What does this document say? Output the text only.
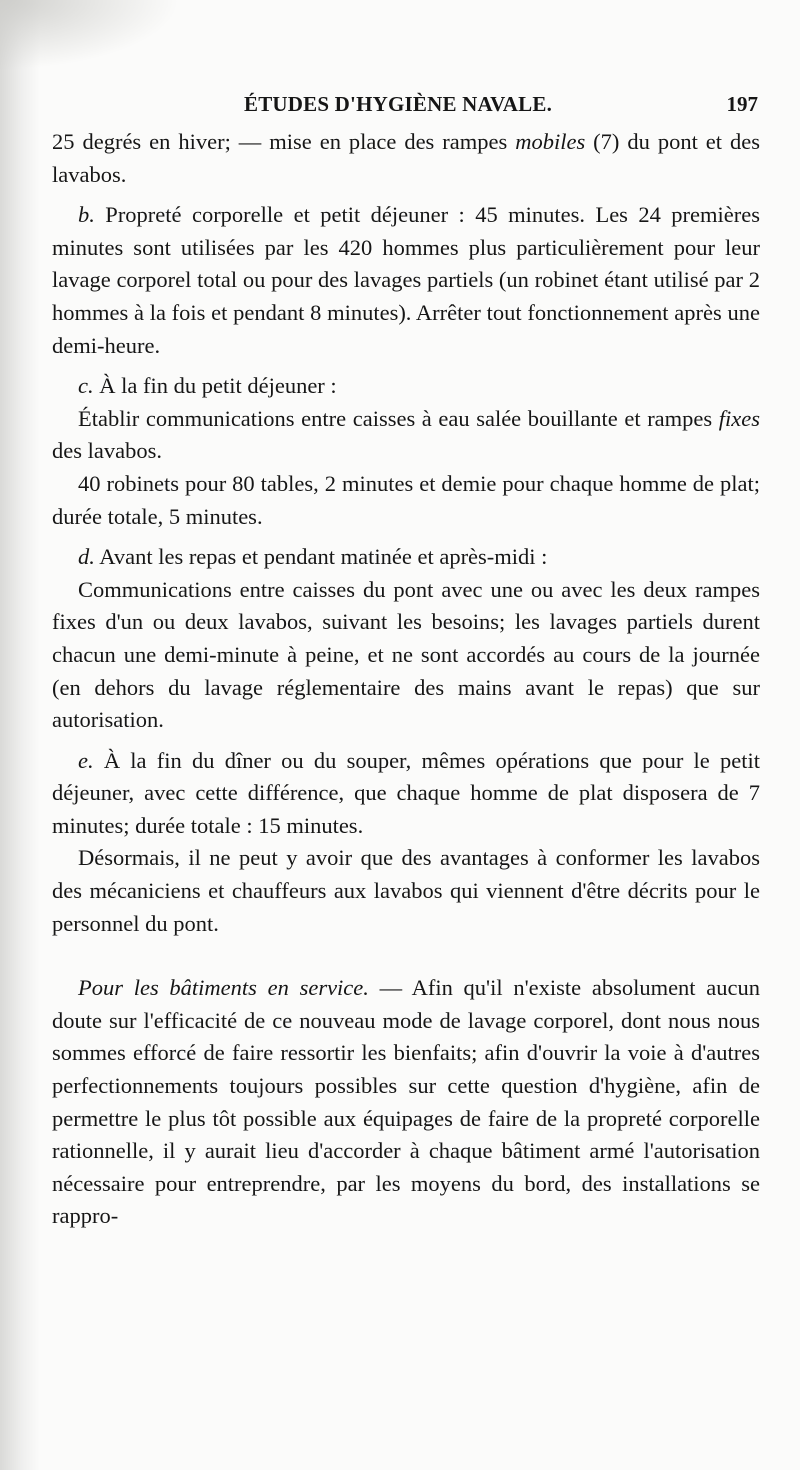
ÉTUDES D'HYGIÈNE NAVALE.	197

25 degrés en hiver; — mise en place des rampes mobiles (7) du pont et des lavabos.

b. Propreté corporelle et petit déjeuner : 45 minutes. Les 24 premières minutes sont utilisées par les 420 hommes plus particulièrement pour leur lavage corporel total ou pour des lavages partiels (un robinet étant utilisé par 2 hommes à la fois et pendant 8 minutes). Arrêter tout fonctionnement après une demi-heure.

c. À la fin du petit déjeuner :

Établir communications entre caisses à eau salée bouillante et rampes fixes des lavabos.

40 robinets pour 80 tables, 2 minutes et demie pour chaque homme de plat; durée totale, 5 minutes.

d. Avant les repas et pendant matinée et après-midi :

Communications entre caisses du pont avec une ou avec les deux rampes fixes d'un ou deux lavabos, suivant les besoins; les lavages partiels durent chacun une demi-minute à peine, et ne sont accordés au cours de la journée (en dehors du lavage réglementaire des mains avant le repas) que sur autorisation.

e. À la fin du dîner ou du souper, mêmes opérations que pour le petit déjeuner, avec cette différence, que chaque homme de plat disposera de 7 minutes; durée totale : 15 minutes.

Désormais, il ne peut y avoir que des avantages à conformer les lavabos des mécaniciens et chauffeurs aux lavabos qui viennent d'être décrits pour le personnel du pont.

Pour les bâtiments en service. — Afin qu'il n'existe absolument aucun doute sur l'efficacité de ce nouveau mode de lavage corporel, dont nous nous sommes efforcé de faire ressortir les bienfaits; afin d'ouvrir la voie à d'autres perfectionnements toujours possibles sur cette question d'hygiène, afin de permettre le plus tôt possible aux équipages de faire de la propreté corporelle rationnelle, il y aurait lieu d'accorder à chaque bâtiment armé l'autorisation nécessaire pour entreprendre, par les moyens du bord, des installations se rappro-
